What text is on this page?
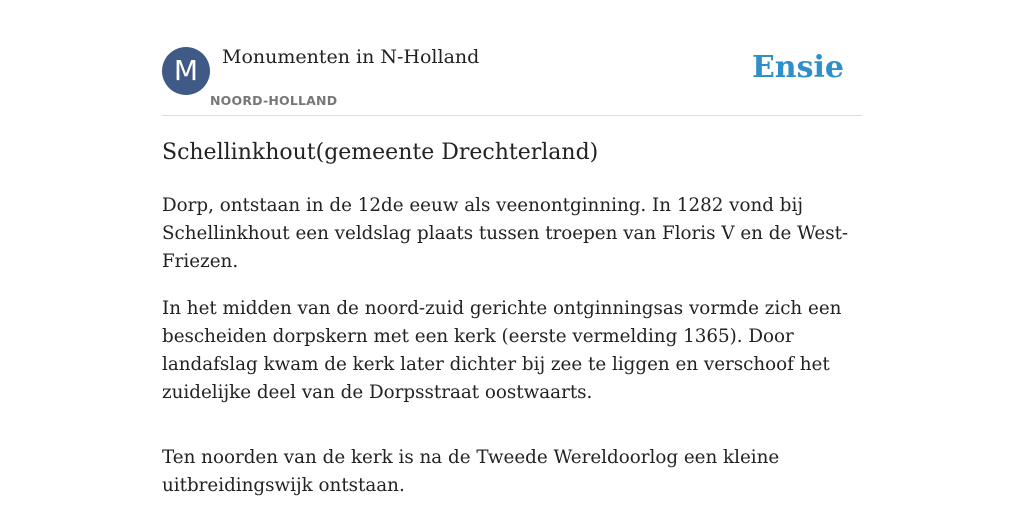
M	Monumenten in N-Holland
NOORD-HOLLAND
Ensie
Schellinkhout(gemeente Drechterland)

Dorp, ontstaan in de 12de eeuw als veenontginning. In 1282 vond bij Schellinkhout een veldslag plaats tussen troepen van Floris V en de West-Friezen.

In het midden van de noord-zuid gerichte ontginningsas vormde zich een bescheiden dorpskern met een kerk (eerste vermelding 1365). Door landafslag kwam de kerk later dichter bij zee te liggen en verschoof het zuidelijke deel van de Dorpsstraat oostwaarts.

Ten noorden van de kerk is na de Tweede Wereldoorlog een kleine uitbreidingswijk ontstaan.
